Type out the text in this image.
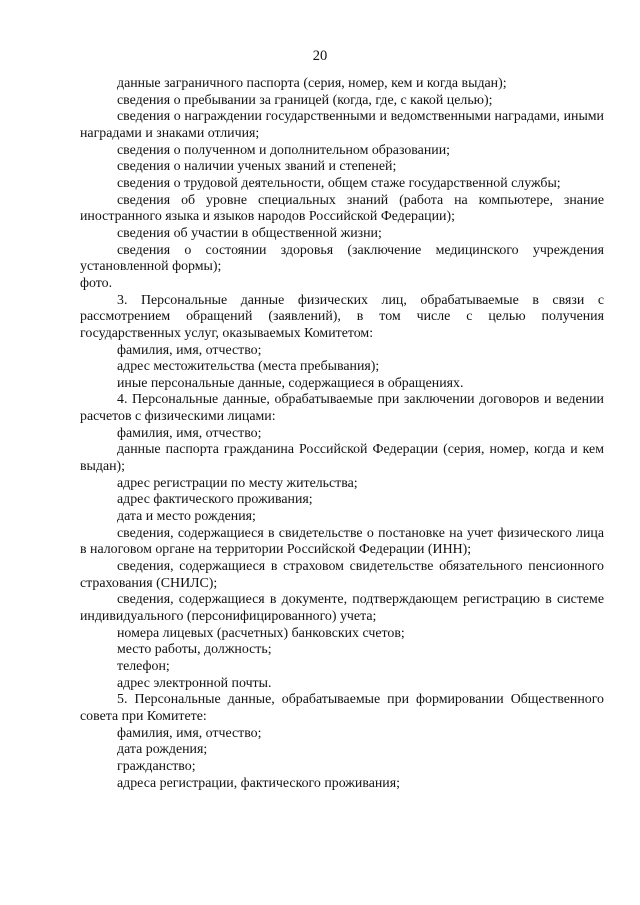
20

данные заграничного паспорта (серия, номер, кем и когда выдан);

сведения о пребывании за границей (когда, где, с какой целью);

сведения о награждении государственными и ведомственными наградами, иными наградами и знаками отличия;

сведения о полученном и дополнительном образовании;

сведения о наличии ученых званий и степеней;

сведения о трудовой деятельности, общем стаже государственной службы;

сведения об уровне специальных знаний (работа на компьютере, знание иностранного языка и языков народов Российской Федерации);

сведения об участии в общественной жизни;

сведения о состоянии здоровья (заключение медицинского учреждения установленной формы);

фото.

3. Персональные данные физических лиц, обрабатываемые в связи с рассмотрением обращений (заявлений), в том числе с целью получения государственных услуг, оказываемых Комитетом:

фамилия, имя, отчество;

адрес местожительства (места пребывания);

иные персональные данные, содержащиеся в обращениях.

4. Персональные данные, обрабатываемые при заключении договоров и ведении расчетов с физическими лицами:

фамилия, имя, отчество;

данные паспорта гражданина Российской Федерации (серия, номер, когда и кем выдан);

адрес регистрации по месту жительства;

адрес фактического проживания;

дата и место рождения;

сведения, содержащиеся в свидетельстве о постановке на учет физического лица в налоговом органе на территории Российской Федерации (ИНН);

сведения, содержащиеся в страховом свидетельстве обязательного пенсионного страхования (СНИЛС);

сведения, содержащиеся в документе, подтверждающем регистрацию в системе индивидуального (персонифицированного) учета;

номера лицевых (расчетных) банковских счетов;

место работы, должность;

телефон;

адрес электронной почты.

5. Персональные данные, обрабатываемые при формировании Общественного совета при Комитете:

фамилия, имя, отчество;

дата рождения;

гражданство;

адреса регистрации, фактического проживания;
